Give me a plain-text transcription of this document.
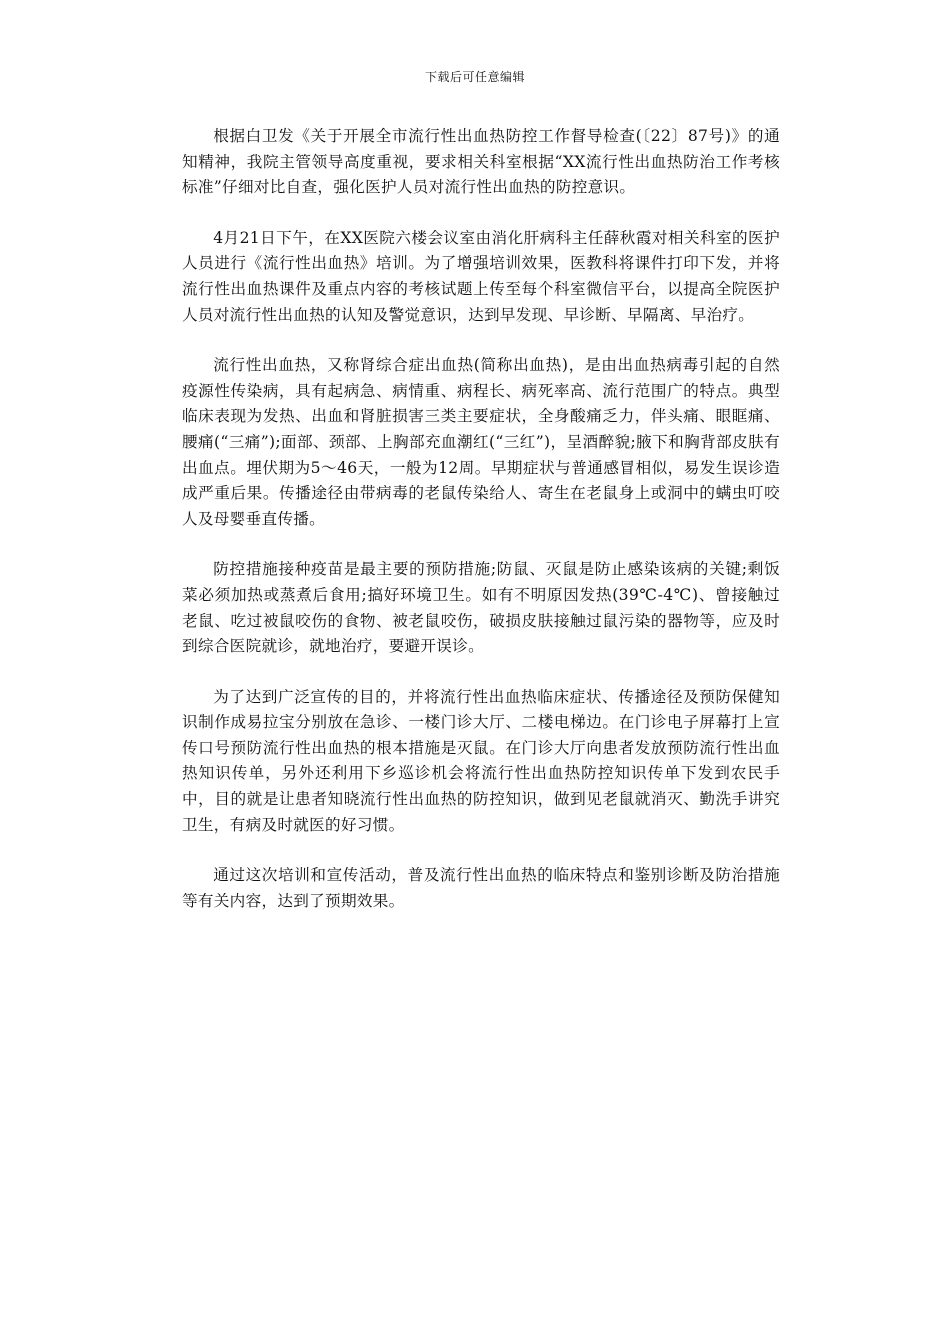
下载后可任意编辑

根据白卫发《关于开展全市流行性出血热防控工作督导检查(〔22〕87号)》的通知精神，我院主管领导高度重视，要求相关科室根据“XX流行性出血热防治工作考核标准”仔细对比自查，强化医护人员对流行性出血热的防控意识。

4月21日下午，在XX医院六楼会议室由消化肝病科主任薛秋霞对相关科室的医护人员进行《流行性出血热》培训。为了增强培训效果，医教科将课件打印下发，并将流行性出血热课件及重点内容的考核试题上传至每个科室微信平台，以提高全院医护人员对流行性出血热的认知及警觉意识，达到早发现、早诊断、早隔离、早治疗。

流行性出血热，又称肾综合症出血热(简称出血热)，是由出血热病毒引起的自然疫源性传染病，具有起病急、病情重、病程长、病死率高、流行范围广的特点。典型临床表现为发热、出血和肾脏损害三类主要症状，全身酸痛乏力，伴头痛、眼眶痛、腰痛(“三痛”);面部、颈部、上胸部充血潮红(“三红”)，呈酒醉貌;腋下和胸背部皮肤有出血点。埋伏期为5～46天，一般为12周。早期症状与普通感冒相似，易发生误诊造成严重后果。传播途径由带病毒的老鼠传染给人、寄生在老鼠身上或洞中的螨虫叮咬人及母婴垂直传播。

防控措施接种疫苗是最主要的预防措施;防鼠、灭鼠是防止感染该病的关键;剩饭菜必须加热或蒸煮后食用;搞好环境卫生。如有不明原因发热(39℃-4℃)、曾接触过老鼠、吃过被鼠咬伤的食物、被老鼠咬伤，破损皮肤接触过鼠污染的器物等，应及时到综合医院就诊，就地治疗，要避开误诊。

为了达到广泛宣传的目的，并将流行性出血热临床症状、传播途径及预防保健知识制作成易拉宝分别放在急诊、一楼门诊大厅、二楼电梯边。在门诊电子屏幕打上宣传口号预防流行性出血热的根本措施是灭鼠。在门诊大厅向患者发放预防流行性出血热知识传单，另外还利用下乡巡诊机会将流行性出血热防控知识传单下发到农民手中，目的就是让患者知晓流行性出血热的防控知识，做到见老鼠就消灭、勤洗手讲究卫生，有病及时就医的好习惯。

通过这次培训和宣传活动，普及流行性出血热的临床特点和鉴别诊断及防治措施等有关内容，达到了预期效果。
